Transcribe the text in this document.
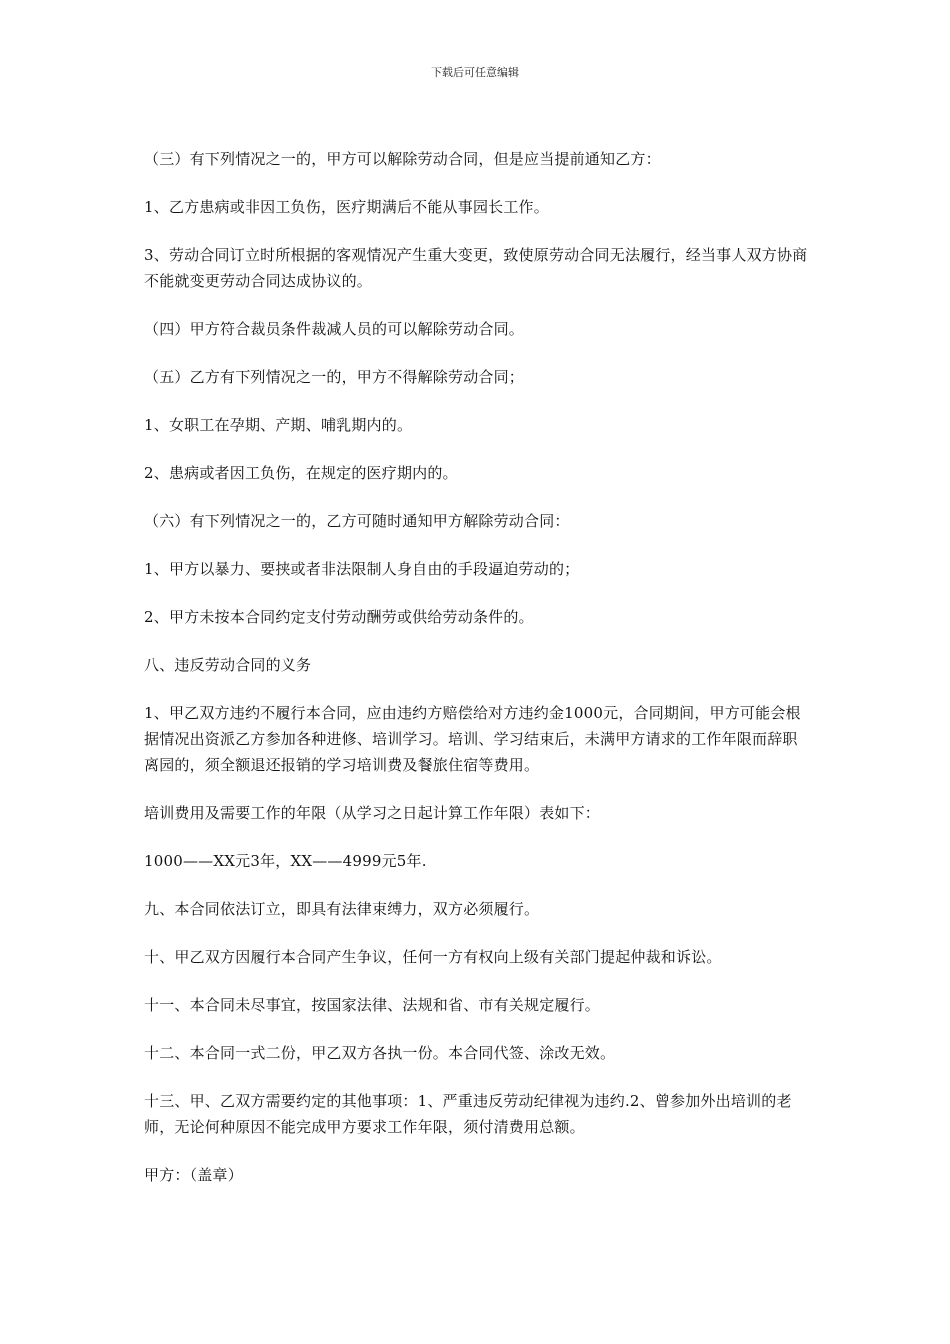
下载后可任意编辑

（三）有下列情况之一的，甲方可以解除劳动合同，但是应当提前通知乙方：

1、乙方患病或非因工负伤，医疗期满后不能从事园长工作。

3、劳动合同订立时所根据的客观情况产生重大变更，致使原劳动合同无法履行，经当事人双方协商不能就变更劳动合同达成协议的。

（四）甲方符合裁员条件裁减人员的可以解除劳动合同。

（五）乙方有下列情况之一的，甲方不得解除劳动合同；

1、女职工在孕期、产期、哺乳期内的。

2、患病或者因工负伤，在规定的医疗期内的。

（六）有下列情况之一的，乙方可随时通知甲方解除劳动合同：

1、甲方以暴力、要挟或者非法限制人身自由的手段逼迫劳动的；

2、甲方未按本合同约定支付劳动酬劳或供给劳动条件的。

八、违反劳动合同的义务

1、甲乙双方违约不履行本合同，应由违约方赔偿给对方违约金1000元，合同期间，甲方可能会根据情况出资派乙方参加各种进修、培训学习。培训、学习结束后，未满甲方请求的工作年限而辞职离园的，须全额退还报销的学习培训费及餐旅住宿等费用。

培训费用及需要工作的年限（从学习之日起计算工作年限）表如下：

1000——XX元3年，XX——4999元5年.

九、本合同依法订立，即具有法律束缚力，双方必须履行。

十、甲乙双方因履行本合同产生争议，任何一方有权向上级有关部门提起仲裁和诉讼。

十一、本合同未尽事宜，按国家法律、法规和省、市有关规定履行。

十二、本合同一式二份，甲乙双方各执一份。本合同代签、涂改无效。

十三、甲、乙双方需要约定的其他事项：1、严重违反劳动纪律视为违约.2、曾参加外出培训的老师，无论何种原因不能完成甲方要求工作年限，须付清费用总额。

甲方：（盖章）
